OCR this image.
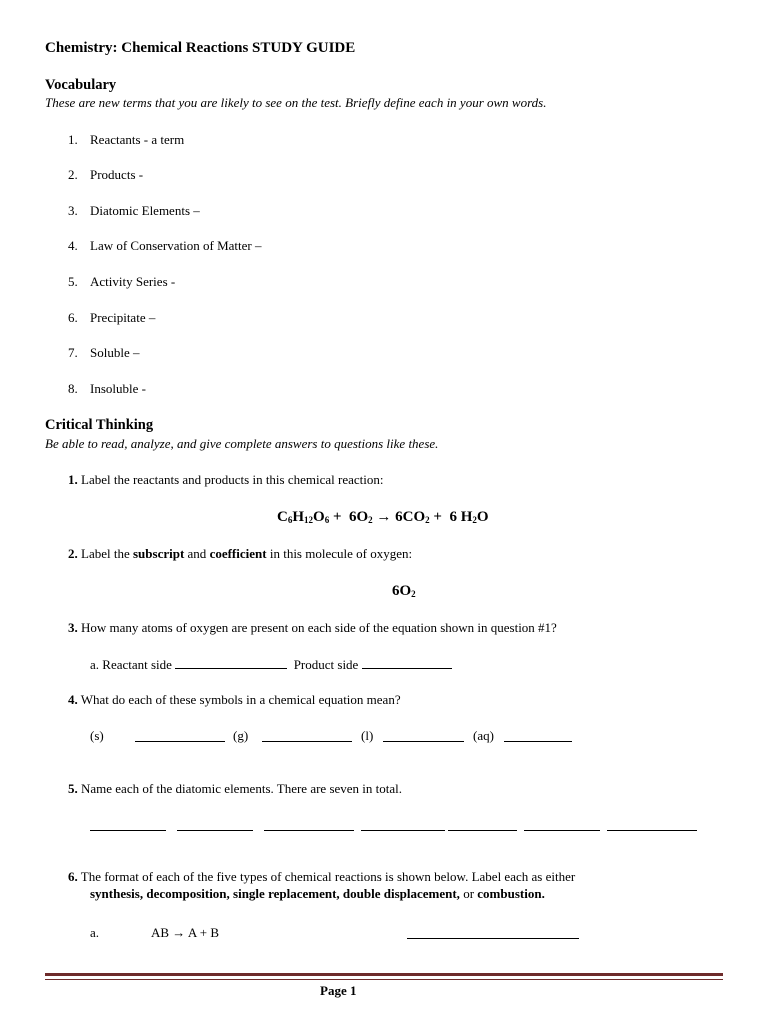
Chemistry: Chemical Reactions STUDY GUIDE
Vocabulary
These are new terms that you are likely to see on the test. Briefly define each in your own words.
1. Reactants - a term
2. Products -
3. Diatomic Elements –
4. Law of Conservation of Matter –
5. Activity Series -
6. Precipitate –
7. Soluble –
8. Insoluble -
Critical Thinking
Be able to read, analyze, and give complete answers to questions like these.
1. Label the reactants and products in this chemical reaction:
$C_6H_{12}O_6 + 6O_2 \to 6CO_2 + 6$ $H_2O$
2. Label the subscript and coefficient in this molecule of oxygen:
$6O_2$
3. How many atoms of oxygen are present on each side of the equation shown in question #1?
a. Reactant side	Product side
4. What do each of these symbols in a chemical equation mean?
(s)	(g)	(l)	(aq)
5. Name each of the diatomic elements. There are seven in total.
6. The format of each of the five types of chemical reactions is shown below. Label each as either
synthesis, decomposition, single replacement, double displacement, or combustion.
a.	AB → A + B
Page 1
